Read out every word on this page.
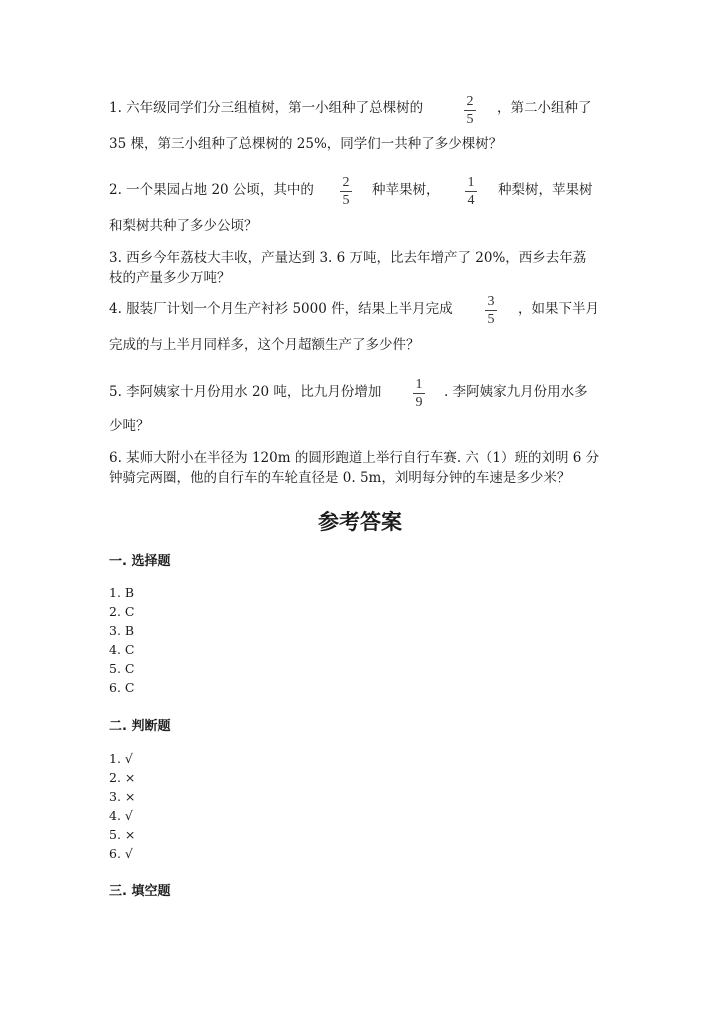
1. 六年级同学们分三组植树，第一小组种了总棵树的	2
5
，第二小组种了
35 棵，第三小组种了总棵树的 25%，同学们一共种了多少棵树？
2. 一个果园占地 20 公顷，其中的	2
5
种苹果树，	1
4
种梨树，苹果树
和梨树共种了多少公顷？
3. 西乡今年荔枝大丰收，产量达到 3. 6 万吨，比去年增产了 20%，西乡去年荔
枝的产量多少万吨？
4. 服装厂计划一个月生产衬衫 5000 件，结果上半月完成	3
5
，如果下半月
完成的与上半月同样多，这个月超额生产了多少件？
5. 李阿姨家十月份用水 20 吨，比九月份增加	1
9
. 李阿姨家九月份用水多
少吨？
6. 某师大附小在半径为 120m 的圆形跑道上举行自行车赛. 六（1）班的刘明 6 分
钟骑完两圈，他的自行车的车轮直径是 0. 5m，刘明每分钟的车速是多少米？
参考答案
一. 选择题
1. B
2. C
3. B
4. C
5. C
6. C
二. 判断题
1. √
2. ×
3. ×
4. √
5. ×
6. √
三. 填空题
